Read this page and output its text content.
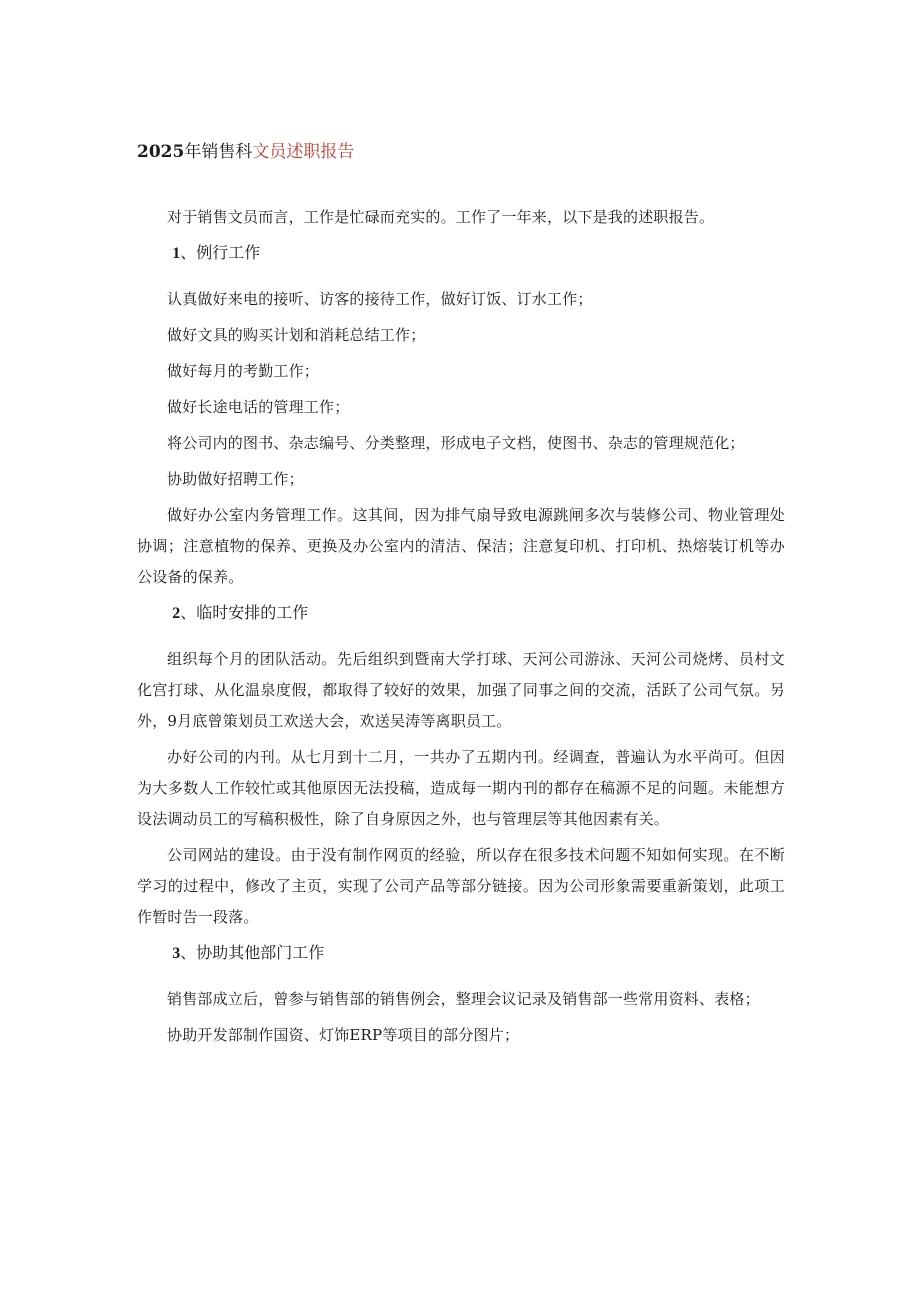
2025年销售科文员述职报告

对于销售文员而言，工作是忙碌而充实的。工作了一年来，以下是我的述职报告。

1、例行工作

认真做好来电的接听、访客的接待工作，做好订饭、订水工作；

做好文具的购买计划和消耗总结工作；

做好每月的考勤工作；

做好长途电话的管理工作；

将公司内的图书、杂志编号、分类整理，形成电子文档，使图书、杂志的管理规范化；

协助做好招聘工作；

做好办公室内务管理工作。这其间，因为排气扇导致电源跳闸多次与装修公司、物业管理处协调；注意植物的保养、更换及办公室内的清洁、保洁；注意复印机、打印机、热熔装订机等办公设备的保养。

2、临时安排的工作

组织每个月的团队活动。先后组织到暨南大学打球、天河公司游泳、天河公司烧烤、员村文化宫打球、从化温泉度假，都取得了较好的效果，加强了同事之间的交流，活跃了公司气氛。另外，9月底曾策划员工欢送大会，欢送吴涛等离职员工。

办好公司的内刊。从七月到十二月，一共办了五期内刊。经调查，普遍认为水平尚可。但因为大多数人工作较忙或其他原因无法投稿，造成每一期内刊的都存在稿源不足的问题。未能想方设法调动员工的写稿积极性，除了自身原因之外，也与管理层等其他因素有关。

公司网站的建设。由于没有制作网页的经验，所以存在很多技术问题不知如何实现。在不断学习的过程中，修改了主页，实现了公司产品等部分链接。因为公司形象需要重新策划，此项工作暂时告一段落。

3、协助其他部门工作

销售部成立后，曾参与销售部的销售例会，整理会议记录及销售部一些常用资料、表格；

协助开发部制作国资、灯饰ERP等项目的部分图片；
